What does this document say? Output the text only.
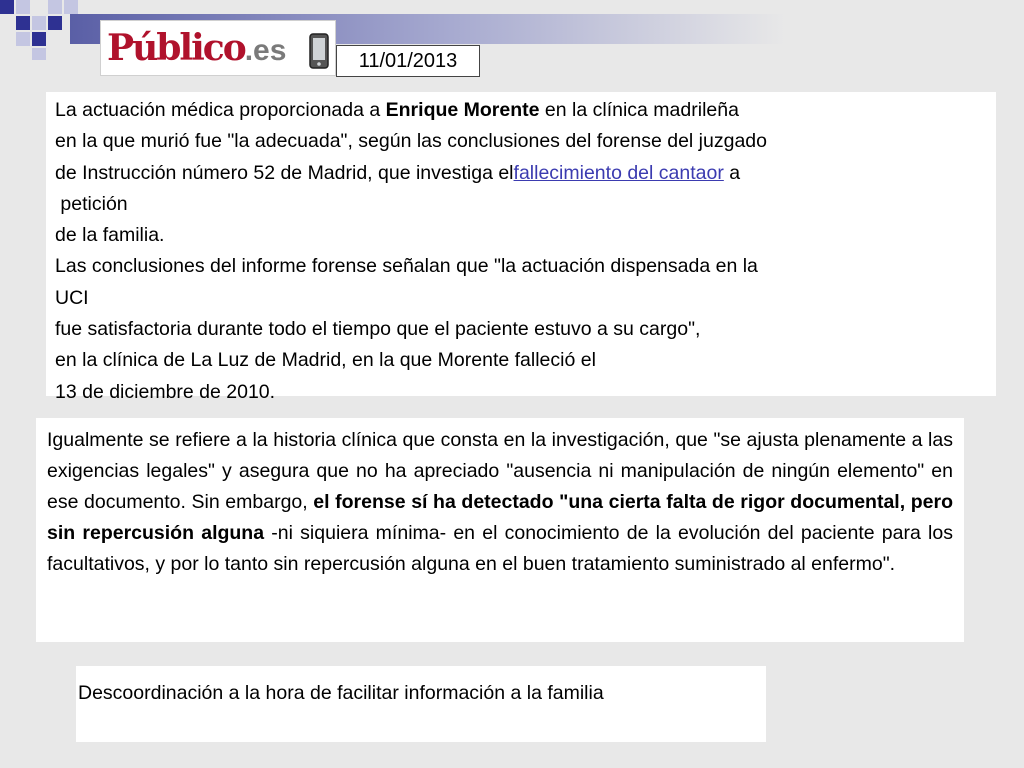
Público.es	11/01/2013

La actuación médica proporcionada a Enrique Morente en la clínica madrileña

en la que murió fue "la adecuada", según las conclusiones del forense del juzgado

de Instrucción número 52 de Madrid, que investiga elfallecimiento del cantaor a

petición

de la familia.

Las conclusiones del informe forense señalan que "la actuación dispensada en la

UCI

fue satisfactoria durante todo el tiempo que el paciente estuvo a su cargo",

en la clínica de La Luz de Madrid, en la que Morente falleció el

13 de diciembre de 2010.

Igualmente se refiere a la historia clínica que consta en la investigación, que "se ajusta plenamente a las exigencias legales" y asegura que no ha apreciado "ausencia ni manipulación de ningún elemento" en ese documento. Sin embargo, el forense sí ha detectado "una cierta falta de rigor documental, pero sin repercusión alguna -ni siquiera mínima- en el conocimiento de la evolución del paciente para los facultativos, y por lo tanto sin repercusión alguna en el buen tratamiento suministrado al enfermo".

Descoordinación a la hora de facilitar información a la familia
